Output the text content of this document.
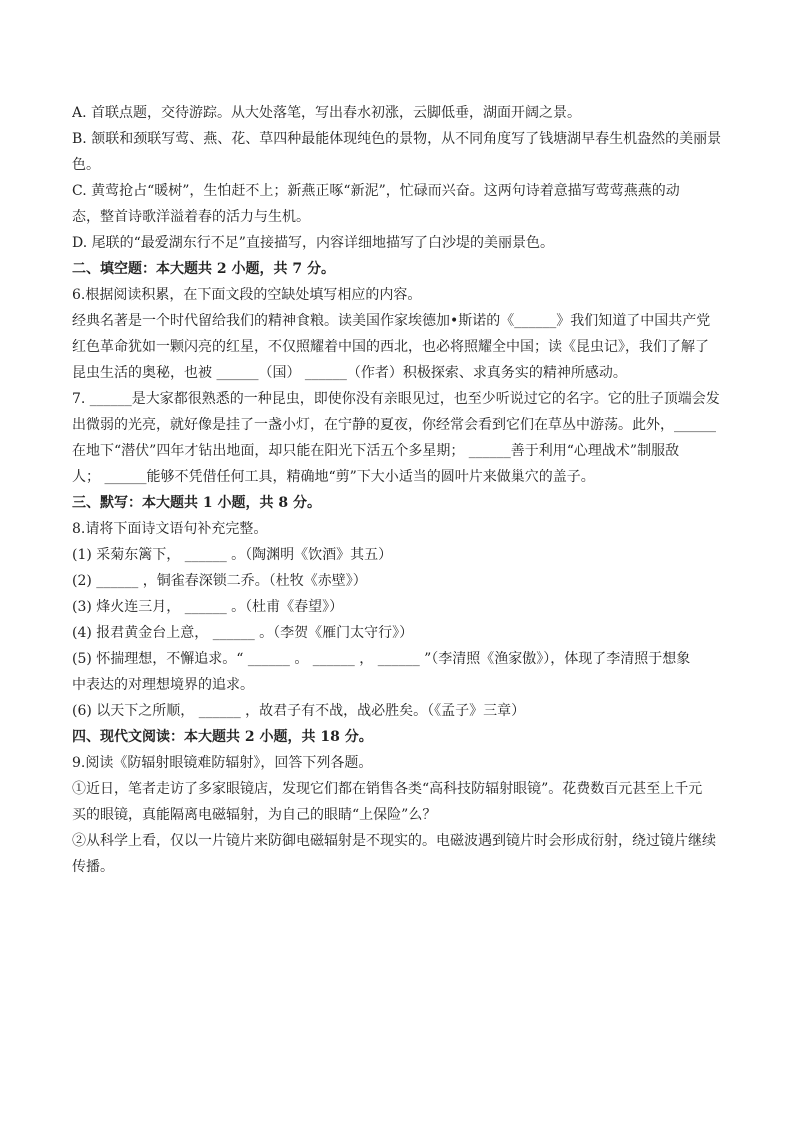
A. 首联点题，交待游踪。从大处落笔，写出春水初涨，云脚低垂，湖面开阔之景。
B. 颔联和颈联写莺、燕、花、草四种最能体现纯色的景物，从不同角度写了钱塘湖早春生机盎然的美丽景
色。
C. 黄莺抢占“暖树”，生怕赶不上；新燕正啄“新泥”，忙碌而兴奋。这两句诗着意描写莺莺燕燕的动
态，整首诗歌洋溢着春的活力与生机。
D. 尾联的“最爱湖东行不足”直接描写，内容详细地描写了白沙堤的美丽景色。
二、填空题：本大题共 2 小题，共 7 分。
6.根据阅读积累，在下面文段的空缺处填写相应的内容。
经典名著是一个时代留给我们的精神食粮。读美国作家埃德加•斯诺的《______》我们知道了中国共产党
红色革命犹如一颗闪亮的红星，不仅照耀着中国的西北，也必将照耀全中国；读《昆虫记》，我们了解了
昆虫生活的奥秘，也被 ______（国） ______（作者）积极探索、求真务实的精神所感动。
7. ______是大家都很熟悉的一种昆虫，即使你没有亲眼见过，也至少听说过它的名字。它的肚子顶端会发
出微弱的光亮，就好像是挂了一盏小灯，在宁静的夏夜，你经常会看到它们在草丛中游荡。此外，______
在地下“潜伏”四年才钻出地面，却只能在阳光下活五个多星期； ______善于利用“心理战术”制服敌
人； ______能够不凭借任何工具，精确地“剪”下大小适当的圆叶片来做巢穴的盖子。
三、默写：本大题共 1 小题，共 8 分。
8.请将下面诗文语句补充完整。
(1) 采菊东篱下， ______ 。（陶渊明《饮酒》其五）
(2) ______ ，铜雀春深锁二乔。（杜牧《赤壁》）
(3) 烽火连三月， ______ 。（杜甫《春望》）
(4) 报君黄金台上意， ______ 。（李贺《雁门太守行》）
(5) 怀揣理想，不懈追求。“ ______ 。 ______ ， ______ ”（李清照《渔家傲》），体现了李清照于想象
中表达的对理想境界的追求。
(6) 以天下之所顺， ______ ，故君子有不战，战必胜矣。（《孟子》三章）
四、现代文阅读：本大题共 2 小题，共 18 分。
9.阅读《防辐射眼镜难防辐射》，回答下列各题。
①近日，笔者走访了多家眼镜店，发现它们都在销售各类“高科技防辐射眼镜”。花费数百元甚至上千元
买的眼镜，真能隔离电磁辐射，为自己的眼睛“上保险”么？
②从科学上看，仅以一片镜片来防御电磁辐射是不现实的。电磁波遇到镜片时会形成衍射，绕过镜片继续
传播。
